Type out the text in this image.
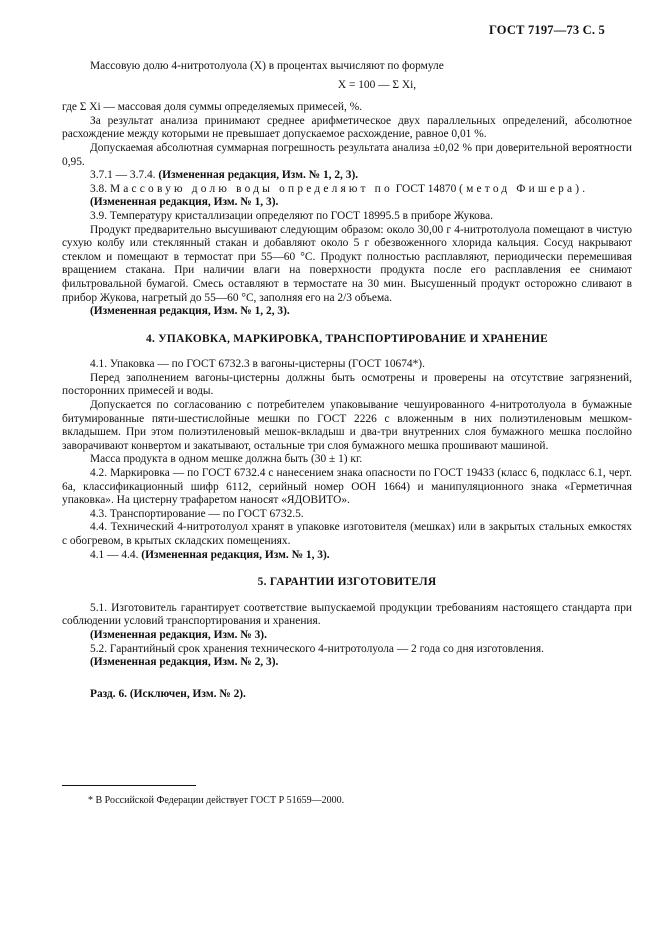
ГОСТ 7197—73 С. 5

Массовую долю 4-нитротолуола (X) в процентах вычисляют по формуле

X = 100 — Σ Xi,

где Σ Xi — массовая доля суммы определяемых примесей, %.

За результат анализа принимают среднее арифметическое двух параллельных определений, абсолютное расхождение между которыми не превышает допускаемое расхождение, равное 0,01 %.

Допускаемая абсолютная суммарная погрешность результата анализа ±0,02 % при доверительной вероятности 0,95.

3.7.1 — 3.7.4. (Измененная редакция, Изм. № 1, 2, 3).

3.8. Массовую долю воды определяют по ГОСТ 14870 (метод Фишера).

(Измененная редакция, Изм. № 1, 3).

3.9. Температуру кристаллизации определяют по ГОСТ 18995.5 в приборе Жукова.

Продукт предварительно высушивают следующим образом: около 30,00 г 4-нитротолуола помещают в чистую сухую колбу или стеклянный стакан и добавляют около 5 г обезвоженного хлорида кальция. Сосуд накрывают стеклом и помещают в термостат при 55—60 °С. Продукт полностью расплавляют, периодически перемешивая вращением стакана. При наличии влаги на поверхности продукта после его расплавления ее снимают фильтровальной бумагой. Смесь оставляют в термостате на 30 мин. Высушенный продукт осторожно сливают в прибор Жукова, нагретый до 55—60 °С, заполняя его на 2/3 объема.

(Измененная редакция, Изм. № 1, 2, 3).

4. УПАКОВКА, МАРКИРОВКА, ТРАНСПОРТИРОВАНИЕ И ХРАНЕНИЕ

4.1. Упаковка — по ГОСТ 6732.3 в вагоны-цистерны (ГОСТ 10674*).

Перед заполнением вагоны-цистерны должны быть осмотрены и проверены на отсутствие загрязнений, посторонних примесей и воды.

Допускается по согласованию с потребителем упаковывание чешуированного 4-нитротолуола в бумажные битумированные пяти-шестислойные мешки по ГОСТ 2226 с вложенным в них полиэтиленовым мешком-вкладышем. При этом полиэтиленовый мешок-вкладыш и два-три внутренних слоя бумажного мешка послойно заворачивают конвертом и закатывают, остальные три слоя бумажного мешка прошивают машиной.

Масса продукта в одном мешке должна быть (30 ± 1) кг.

4.2. Маркировка — по ГОСТ 6732.4 с нанесением знака опасности по ГОСТ 19433 (класс 6, подкласс 6.1, черт. 6а, классификационный шифр 6112, серийный номер ООН 1664) и манипуляционного знака «Герметичная упаковка». На цистерну трафаретом наносят «ЯДОВИТО».

4.3. Транспортирование — по ГОСТ 6732.5.

4.4. Технический 4-нитротолуол хранят в упаковке изготовителя (мешках) или в закрытых стальных емкостях с обогревом, в крытых складских помещениях.

4.1 — 4.4. (Измененная редакция, Изм. № 1, 3).

5. ГАРАНТИИ ИЗГОТОВИТЕЛЯ

5.1. Изготовитель гарантирует соответствие выпускаемой продукции требованиям настоящего стандарта при соблюдении условий транспортирования и хранения.

(Измененная редакция, Изм. № 3).

5.2. Гарантийный срок хранения технического 4-нитротолуола — 2 года со дня изготовления.

(Измененная редакция, Изм. № 2, 3).

Разд. 6. (Исключен, Изм. № 2).

* В Российской Федерации действует ГОСТ Р 51659—2000.
